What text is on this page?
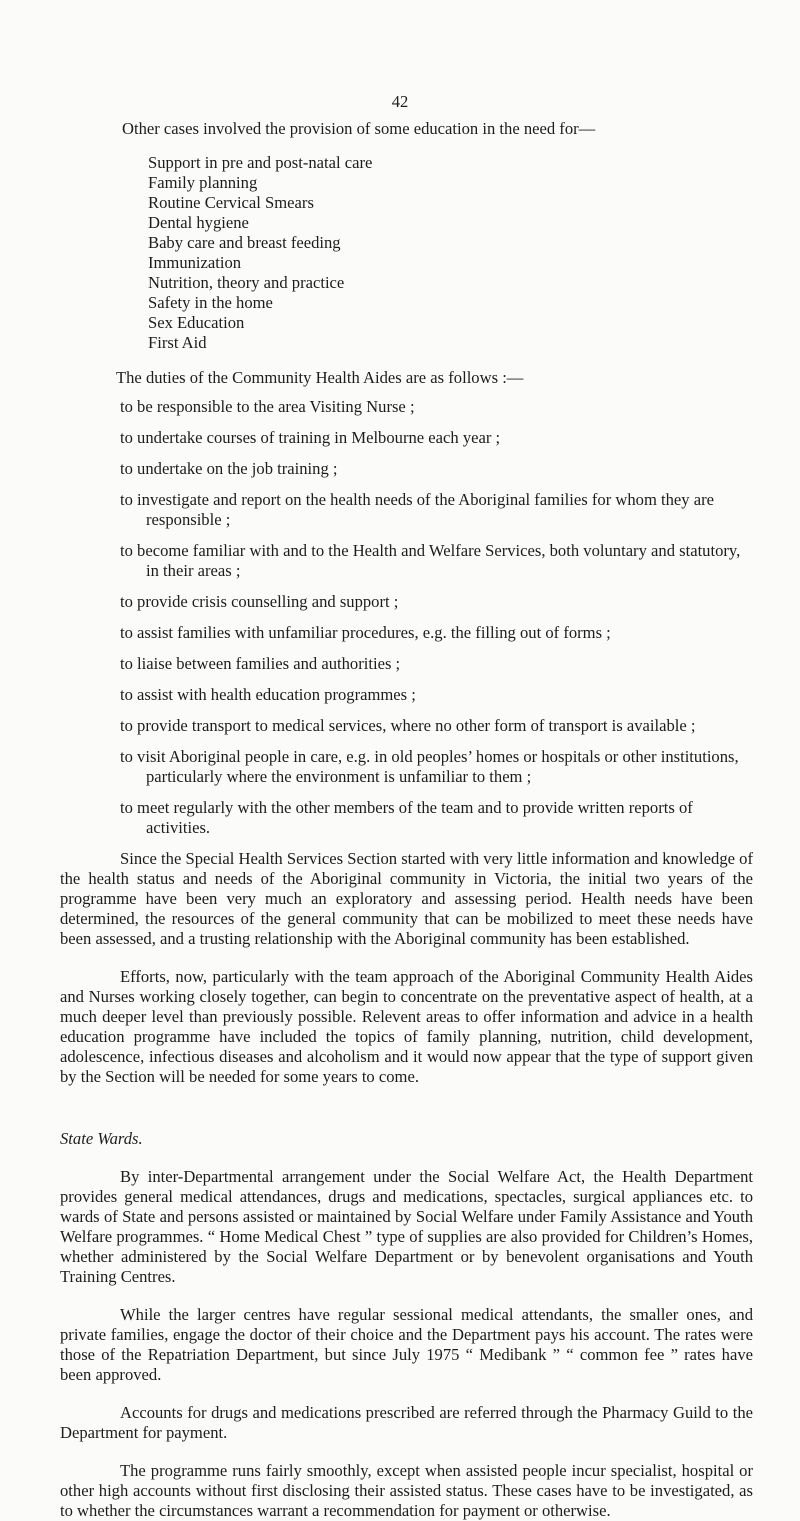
42

Other cases involved the provision of some education in the need for—

Support in pre and post-natal care
Family planning
Routine Cervical Smears
Dental hygiene
Baby care and breast feeding
Immunization
Nutrition, theory and practice
Safety in the home
Sex Education
First Aid

The duties of the Community Health Aides are as follows :—

to be responsible to the area Visiting Nurse ;
to undertake courses of training in Melbourne each year ;
to undertake on the job training ;
to investigate and report on the health needs of the Aboriginal families for whom they are responsible ;
to become familiar with and to the Health and Welfare Services, both voluntary and statutory, in their areas ;
to provide crisis counselling and support ;
to assist families with unfamiliar procedures, e.g. the filling out of forms ;
to liaise between families and authorities ;
to assist with health education programmes ;
to provide transport to medical services, where no other form of transport is available ;
to visit Aboriginal people in care, e.g. in old peoples’ homes or hospitals or other institutions, particularly where the environment is unfamiliar to them ;
to meet regularly with the other members of the team and to provide written reports of activities.

Since the Special Health Services Section started with very little information and knowledge of the health status and needs of the Aboriginal community in Victoria, the initial two years of the programme have been very much an exploratory and assessing period. Health needs have been determined, the resources of the general community that can be mobilized to meet these needs have been assessed, and a trusting relationship with the Aboriginal community has been established.

Efforts, now, particularly with the team approach of the Aboriginal Community Health Aides and Nurses working closely together, can begin to concentrate on the preventative aspect of health, at a much deeper level than previously possible. Relevent areas to offer information and advice in a health education programme have included the topics of family planning, nutrition, child development, adolescence, infectious diseases and alcoholism and it would now appear that the type of support given by the Section will be needed for some years to come.

State Wards.

By inter-Departmental arrangement under the Social Welfare Act, the Health Department provides general medical attendances, drugs and medications, spectacles, surgical appliances etc. to wards of State and persons assisted or maintained by Social Welfare under Family Assistance and Youth Welfare programmes. “ Home Medical Chest ” type of supplies are also provided for Children’s Homes, whether administered by the Social Welfare Department or by benevolent organisations and Youth Training Centres.

While the larger centres have regular sessional medical attendants, the smaller ones, and private families, engage the doctor of their choice and the Department pays his account. The rates were those of the Repatriation Department, but since July 1975 “ Medibank ” “ common fee ” rates have been approved.

Accounts for drugs and medications prescribed are referred through the Pharmacy Guild to the Department for payment.

The programme runs fairly smoothly, except when assisted people incur specialist, hospital or other high accounts without first disclosing their assisted status. These cases have to be investigated, as to whether the circumstances warrant a recommendation for payment or otherwise.
